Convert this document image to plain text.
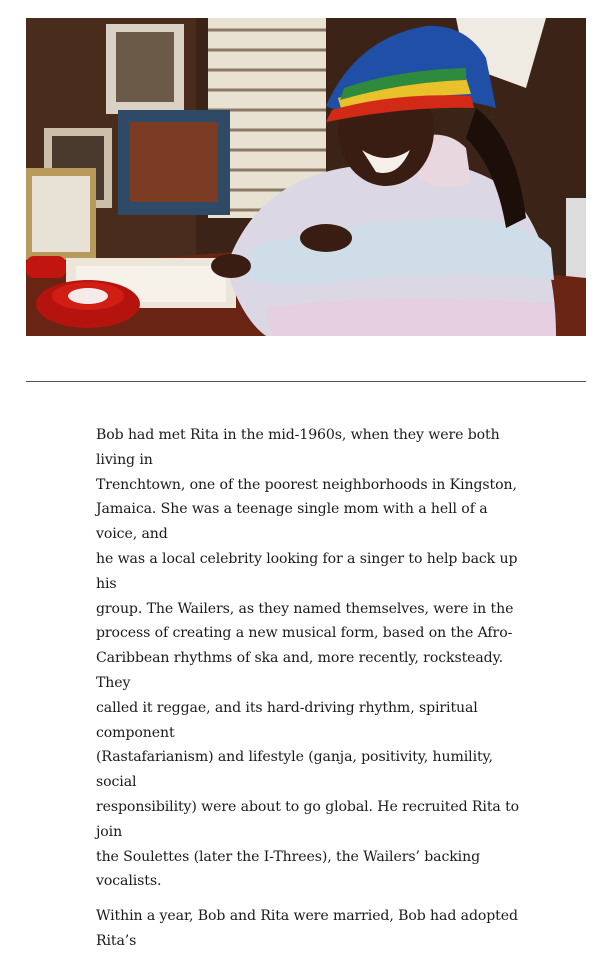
Bob had met Rita in the mid-1960s, when they were both living in
Trenchtown, one of the poorest neighborhoods in Kingston,
Jamaica. She was a teenage single mom with a hell of a voice, and
he was a local celebrity looking for a singer to help back up his
group. The Wailers, as they named themselves, were in the
process of creating a new musical form, based on the Afro-
Caribbean rhythms of ska and, more recently, rocksteady. They
called it reggae, and its hard-driving rhythm, spiritual component
(Rastafarianism) and lifestyle (ganja, positivity, humility, social
responsibility) were about to go global. He recruited Rita to join
the Soulettes (later the I-Threes), the Wailers’ backing vocalists.

Within a year, Bob and Rita were married, Bob had adopted Rita’s
